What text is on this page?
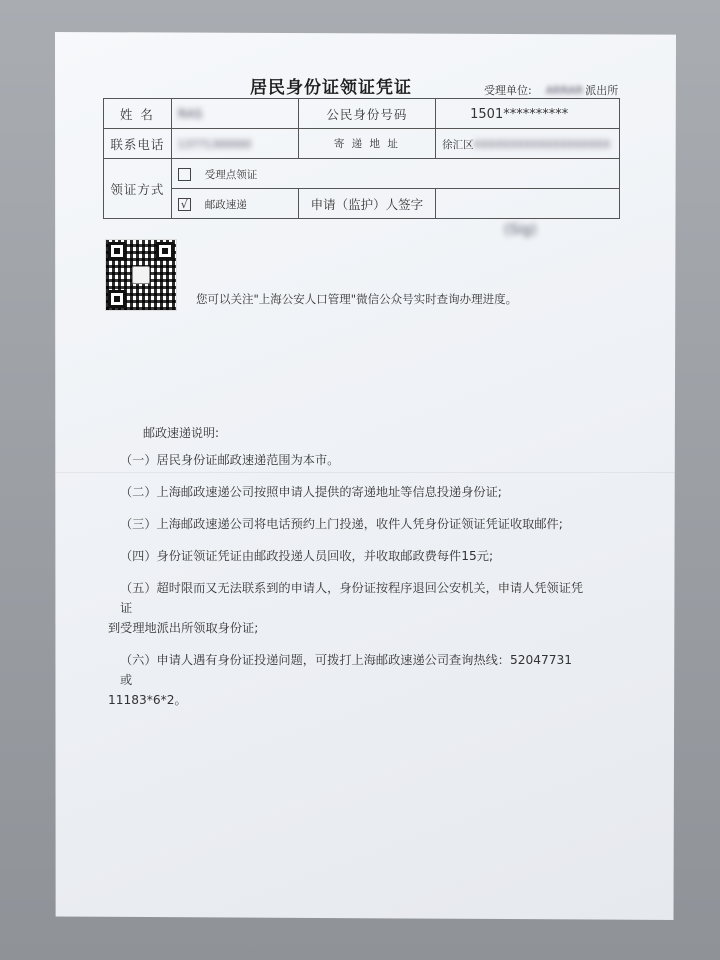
居民身份证领证凭证	受理单位: ARRAR 派出所
姓 名	RAS	公民身份号码	1501**********
联系电话	13771300000	寄 递 地 址	徐汇区XXXXXXXXXXXXXXXXXXX
领证方式	受理点领证		
	√ 邮政速递	申请（监护）人签字	
(Sig)
您可以关注"上海公安人口管理"微信公众号实时查询办理进度。
邮政速递说明:

（一）居民身份证邮政速递范围为本市。

（二）上海邮政速递公司按照申请人提供的寄递地址等信息投递身份证;

（三）上海邮政速递公司将电话预约上门投递，收件人凭身份证领证凭证收取邮件;

（四）身份证领证凭证由邮政投递人员回收，并收取邮政费每件15元;

（五）超时限而又无法联系到的申请人，身份证按程序退回公安机关，申请人凭领证凭证
到受理地派出所领取身份证;

（六）申请人遇有身份证投递问题，可拨打上海邮政速递公司查询热线：52047731 或
11183*6*2。
